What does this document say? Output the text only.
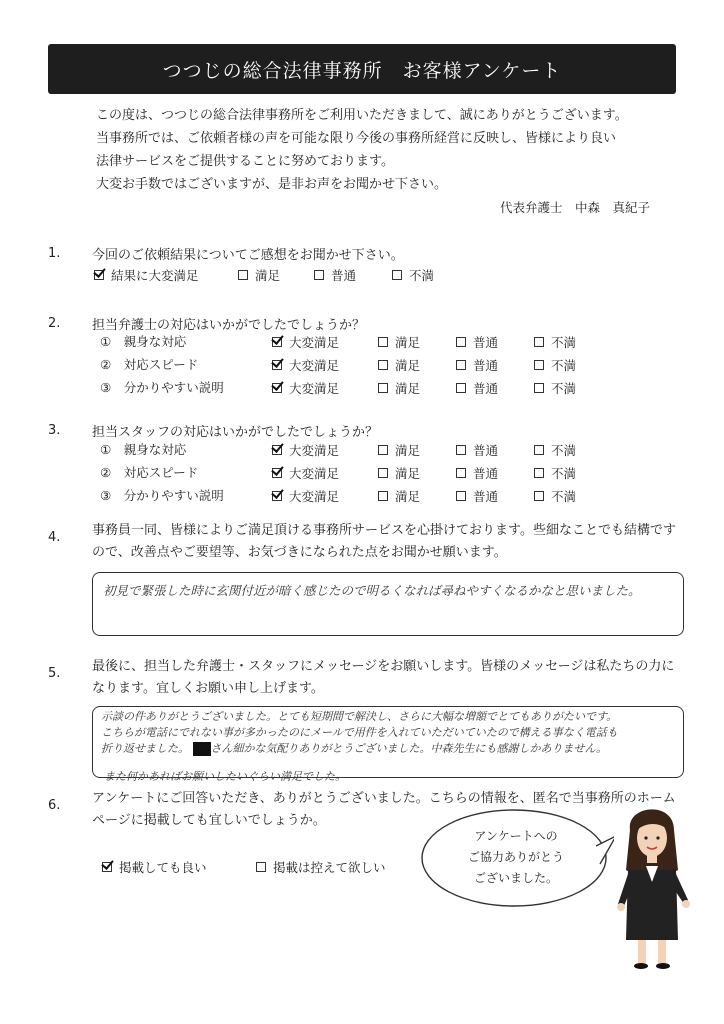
つつじの総合法律事務所　お客様アンケート
この度は、つつじの総合法律事務所をご利用いただきまして、誠にありがとうございます。
当事務所では、ご依頼者様の声を可能な限り今後の事務所経営に反映し、皆様により良い
法律サービスをご提供することに努めております。
大変お手数ではございますが、是非お声をお聞かせ下さい。
代表弁護士　中森　真紀子
1. 今回のご依頼結果についてご感想をお聞かせ下さい。
結果に大変満足	満足	普通	不満
2. 担当弁護士の対応はいかがでしたでしょうか？
①　親身な対応	大変満足	満足	普通	不満
②　対応スピード	大変満足	満足	普通	不満
③　分かりやすい説明	大変満足	満足	普通	不満
3. 担当スタッフの対応はいかがでしたでしょうか？
①　親身な対応	大変満足	満足	普通	不満
②　対応スピード	大変満足	満足	普通	不満
③　分かりやすい説明	大変満足	満足	普通	不満
4. 事務員一同、皆様によりご満足頂ける事務所サービスを心掛けております。些細なことでも結構ですので、改善点やご要望等、お気づきになられた点をお聞かせ願います。
初見で緊張した時に玄関付近が暗く感じたので明るくなれば尋ねやすくなるかなと思いました。
5. 最後に、担当した弁護士・スタッフにメッセージをお願いします。皆様のメッセージは私たちの力になります。宜しくお願い申し上げます。
示談の件ありがとうございました。とても短期間で解決し、さらに大幅な増額でとてもありがたいです。
こちらが電話にでれない事が多かったのにメールで用件を入れていただいていたので構える事なく電話も
折り返せました。 さん細かな気配りありがとうございました。中森先生にも感謝しかありません。
また何かあればお願いしたいぐらい満足でした。
6. アンケートにご回答いただき、ありがとうございました。こちらの情報を、匿名で当事務所のホームページに掲載しても宜しいでしょうか。
掲載しても良い	掲載は控えて欲しい
アンケートへの
ご協力ありがとう
ございました。
